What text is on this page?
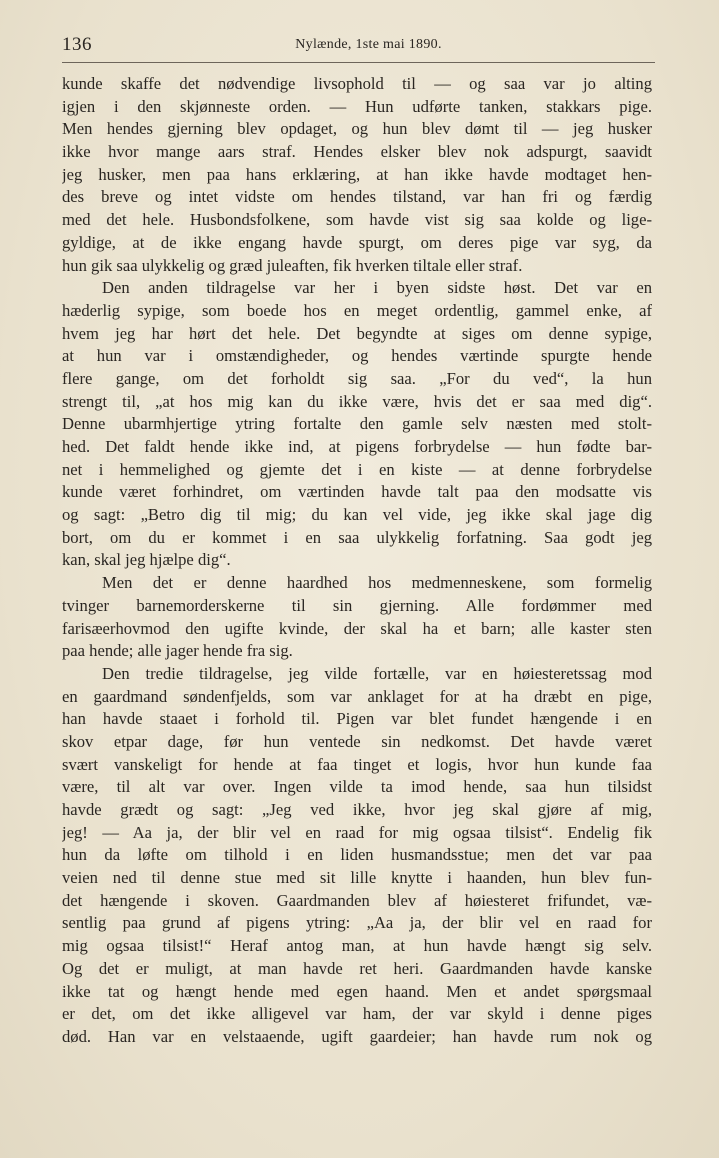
136	Nylænde, 1ste mai 1890.
kunde skaffe det nødvendige livsophold til — og saa var jo alting
igjen i den skjønneste orden. — Hun udførte tanken, stakkars pige.
Men hendes gjerning blev opdaget, og hun blev dømt til — jeg husker
ikke hvor mange aars straf. Hendes elsker blev nok adspurgt, saavidt
jeg husker, men paa hans erklæring, at han ikke havde modtaget hen-
des breve og intet vidste om hendes tilstand, var han fri og færdig
med det hele. Husbondsfolkene, som havde vist sig saa kolde og lige-
gyldige, at de ikke engang havde spurgt, om deres pige var syg, da
hun gik saa ulykkelig og græd juleaften, fik hverken tiltale eller straf.
Den anden tildragelse var her i byen sidste høst. Det var en
hæderlig sypige, som boede hos en meget ordentlig, gammel enke, af
hvem jeg har hørt det hele. Det begyndte at siges om denne sypige,
at hun var i omstændigheder, og hendes værtinde spurgte hende
flere gange, om det forholdt sig saa. „For du ved“, la hun
strengt til, „at hos mig kan du ikke være, hvis det er saa med dig“.
Denne ubarmhjertige ytring fortalte den gamle selv næsten med stolt-
hed. Det faldt hende ikke ind, at pigens forbrydelse — hun fødte bar-
net i hemmelighed og gjemte det i en kiste — at denne forbrydelse
kunde været forhindret, om værtinden havde talt paa den modsatte vis
og sagt: „Betro dig til mig; du kan vel vide, jeg ikke skal jage dig
bort, om du er kommet i en saa ulykkelig forfatning. Saa godt jeg
kan, skal jeg hjælpe dig“.
Men det er denne haardhed hos medmenneskene, som formelig
tvinger barnemorderskerne til sin gjerning. Alle fordømmer med
farisæerhovmod den ugifte kvinde, der skal ha et barn; alle kaster sten
paa hende; alle jager hende fra sig.
Den tredie tildragelse, jeg vilde fortælle, var en høiesteretssag mod
en gaardmand søndenfjelds, som var anklaget for at ha dræbt en pige,
han havde staaet i forhold til. Pigen var blet fundet hængende i en
skov etpar dage, før hun ventede sin nedkomst. Det havde været
svært vanskeligt for hende at faa tinget et logis, hvor hun kunde faa
være, til alt var over. Ingen vilde ta imod hende, saa hun tilsidst
havde grædt og sagt: „Jeg ved ikke, hvor jeg skal gjøre af mig,
jeg! — Aa ja, der blir vel en raad for mig ogsaa tilsist“. Endelig fik
hun da løfte om tilhold i en liden husmandsstue; men det var paa
veien ned til denne stue med sit lille knytte i haanden, hun blev fun-
det hængende i skoven. Gaardmanden blev af høiesteret frifundet, væ-
sentlig paa grund af pigens ytring: „Aa ja, der blir vel en raad for
mig ogsaa tilsist!“ Heraf antog man, at hun havde hængt sig selv.
Og det er muligt, at man havde ret heri. Gaardmanden havde kanske
ikke tat og hængt hende med egen haand. Men et andet spørgsmaal
er det, om det ikke alligevel var ham, der var skyld i denne piges
død. Han var en velstaaende, ugift gaardeier; han havde rum nok og
